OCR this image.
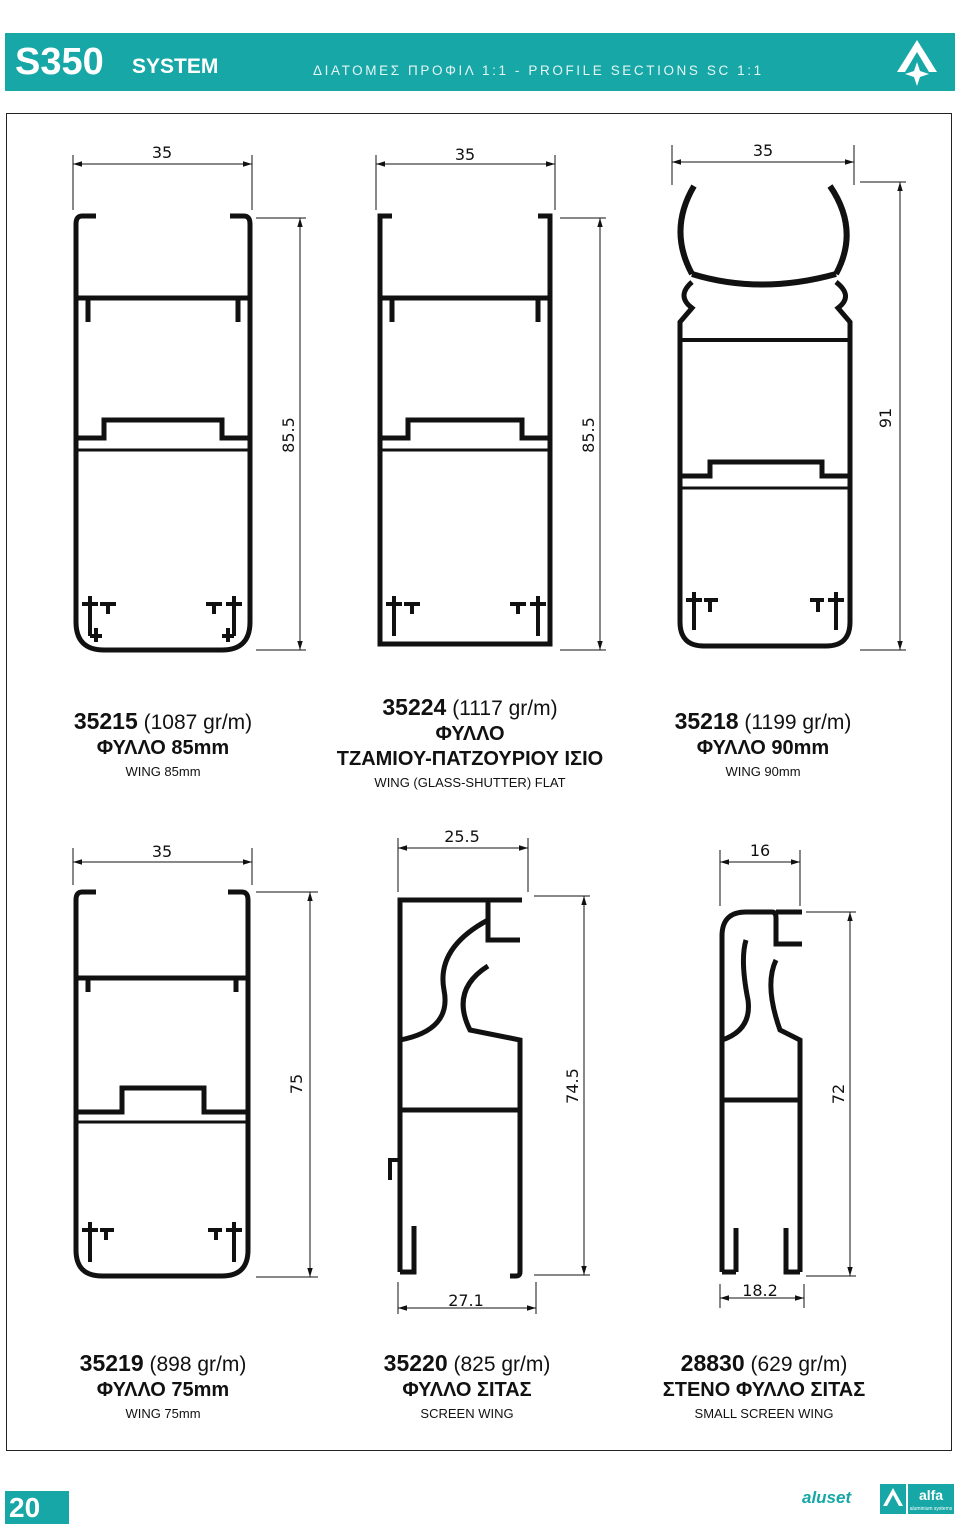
S350 SYSTEM	ΔΙΑΤΟΜΕΣ ΠΡΟΦΙΛ 1:1 - PROFILE SECTIONS SC 1:1
35
85.5
35
85.5
35
91
35
75
25.5
74.5
27.1
16
72
18.2
35215 (1087 gr/m)
ΦΥΛΛΟ 85mm
WING 85mm
35224 (1117 gr/m)
ΦΥΛΛΟ
ΤΖΑΜΙΟΥ-ΠΑΤΖΟΥΡΙΟΥ ΙΣΙΟ
WING (GLASS-SHUTTER) FLAT
35218 (1199 gr/m)
ΦΥΛΛΟ 90mm
WING 90mm
35219 (898 gr/m)
ΦΥΛΛΟ 75mm
WING 75mm
35220 (825 gr/m)
ΦΥΛΛΟ ΣΙΤΑΣ
SCREEN WING
28830 (629 gr/m)
ΣΤΕΝΟ ΦΥΛΛΟ ΣΙΤΑΣ
SMALL SCREEN WING
20	aluset	alfa
aluminium systems
